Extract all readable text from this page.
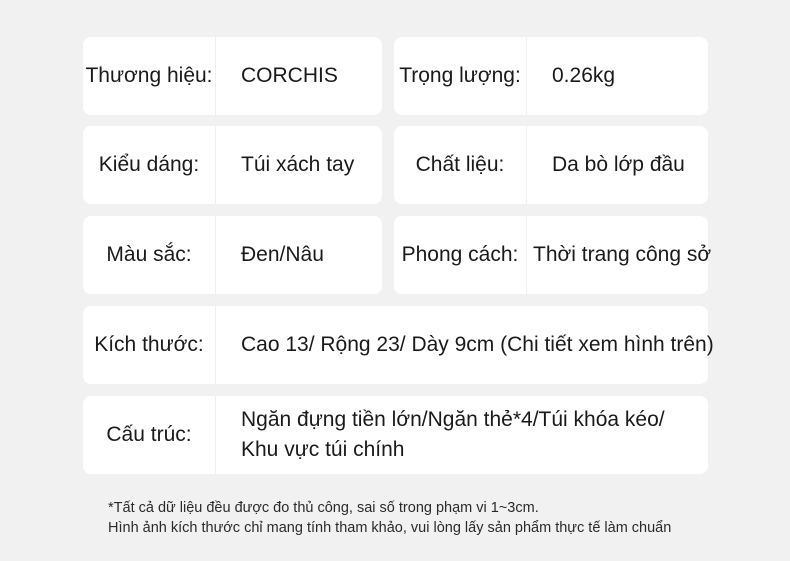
Thương hiệu: CORCHIS	Trọng lượng: 0.26kg
Kiểu dáng:	Túi xách tay	Chất liệu:	Da bò lớp đầu
Màu sắc:	Đen/Nâu	Phong cách: Thời trang công sở
Kích thước:	Cao 13/ Rộng 23/ Dày 9cm (Chi tiết xem hình trên)
Cấu trúc:
Ngăn đựng tiền lớn/Ngăn thẻ*4/Túi khóa kéo/
Khu vực túi chính
*Tất cả dữ liệu đều được đo thủ công, sai số trong phạm vi 1~3cm.
Hình ảnh kích thước chỉ mang tính tham khảo, vui lòng lấy sản phẩm thực tế làm chuẩn
